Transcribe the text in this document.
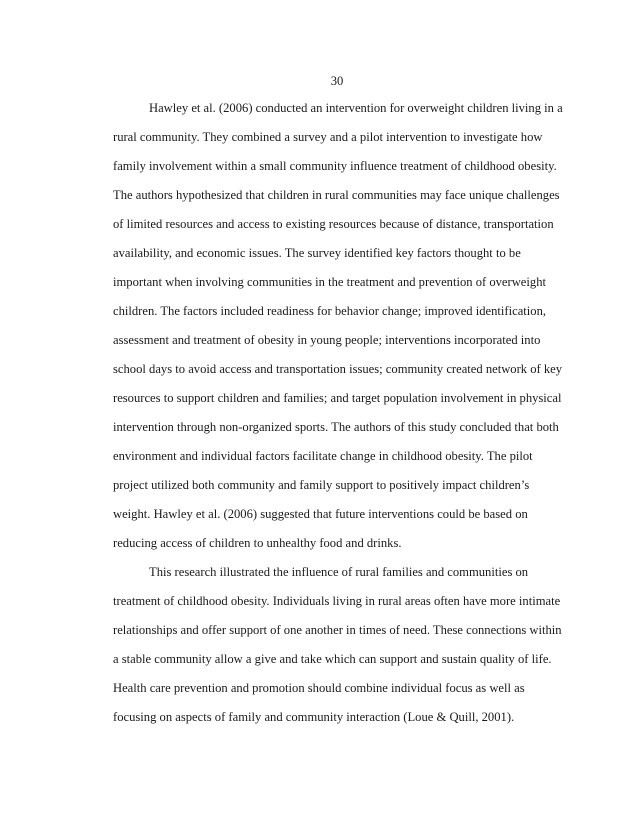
30
Hawley et al. (2006) conducted an intervention for overweight children living in a
rural community. They combined a survey and a pilot intervention to investigate how
family involvement within a small community influence treatment of childhood obesity.
The authors hypothesized that children in rural communities may face unique challenges
of limited resources and access to existing resources because of distance, transportation
availability, and economic issues. The survey identified key factors thought to be
important when involving communities in the treatment and prevention of overweight
children. The factors included readiness for behavior change; improved identification,
assessment and treatment of obesity in young people; interventions incorporated into
school days to avoid access and transportation issues; community created network of key
resources to support children and families; and target population involvement in physical
intervention through non-organized sports. The authors of this study concluded that both
environment and individual factors facilitate change in childhood obesity. The pilot
project utilized both community and family support to positively impact children’s
weight. Hawley et al. (2006) suggested that future interventions could be based on
reducing access of children to unhealthy food and drinks.
This research illustrated the influence of rural families and communities on
treatment of childhood obesity. Individuals living in rural areas often have more intimate
relationships and offer support of one another in times of need. These connections within
a stable community allow a give and take which can support and sustain quality of life.
Health care prevention and promotion should combine individual focus as well as
focusing on aspects of family and community interaction (Loue & Quill, 2001).
